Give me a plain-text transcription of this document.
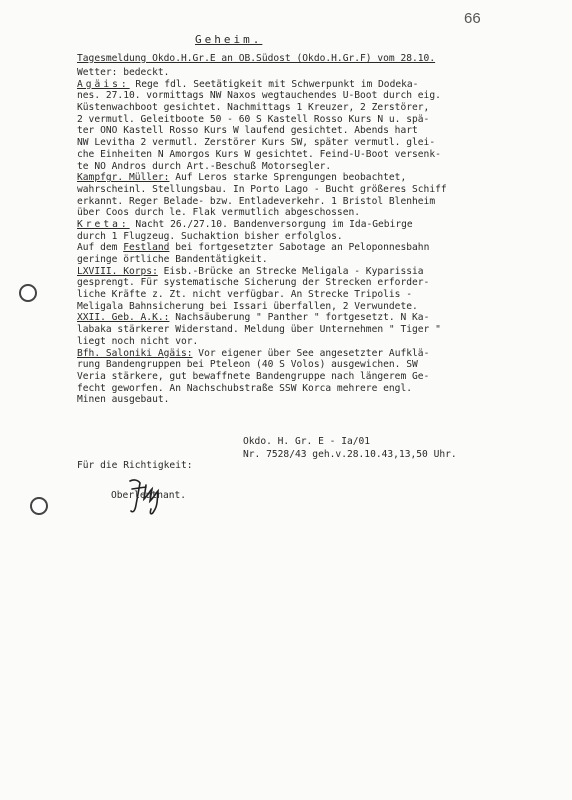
66
Geheim.
Tagesmeldung Okdo.H.Gr.E an OB.Südost (Okdo.H.Gr.F) vom 28.10.
Wetter: bedeckt.
Ägäis: Rege fdl. Seetätigkeit mit Schwerpunkt im Dodeka-
nes. 27.10. vormittags NW Naxos wegtauchendes U-Boot durch eig.
Küstenwachboot gesichtet. Nachmittags 1 Kreuzer, 2 Zerstörer,
2 vermutl. Geleitboote 50 - 60 S Kastell Rosso Kurs N u. spä-
ter ONO Kastell Rosso Kurs W laufend gesichtet. Abends hart
NW Levitha 2 vermutl. Zerstörer Kurs SW, später vermutl. glei-
che Einheiten N Amorgos Kurs W gesichtet. Feind-U-Boot versenk-
te NO Andros durch Art.-Beschuß Motorsegler.
Kampfgr. Müller: Auf Leros starke Sprengungen beobachtet,
wahrscheinl. Stellungsbau. In Porto Lago - Bucht größeres Schiff
erkannt. Reger Belade- bzw. Entladeverkehr. 1 Bristol Blenheim
über Coos durch le. Flak vermutlich abgeschossen.
Kreta: Nacht 26./27.10. Bandenversorgung im Ida-Gebirge
durch 1 Flugzeug. Suchaktion bisher erfolglos.
Auf dem Festland bei fortgesetzter Sabotage an Peloponnesbahn
geringe örtliche Bandentätigkeit.
LXVIII. Korps: Eisb.-Brücke an Strecke Meligala - Kyparissia
gesprengt. Für systematische Sicherung der Strecken erforder-
liche Kräfte z. Zt. nicht verfügbar. An Strecke Tripolis -
Meligala Bahnsicherung bei Issari überfallen, 2 Verwundete.
XXII. Geb. A.K.: Nachsäuberung " Panther " fortgesetzt. N Ka-
labaka stärkerer Widerstand. Meldung über Unternehmen " Tiger "
liegt noch nicht vor.
Bfh. Saloniki Ägäis: Vor eigener über See angesetzter Aufklä-
rung Bandengruppen bei Pteleon (40 S Volos) ausgewichen. SW
Veria stärkere, gut bewaffnete Bandengruppe nach längerem Ge-
fecht geworfen. An Nachschubstraße SSW Korca mehrere engl.
Minen ausgebaut.
Okdo. H. Gr. E - Ia/01
Nr. 7528/43 geh.v.28.10.43,13,50 Uhr.
Für die Richtigkeit:
Oberleutnant.
